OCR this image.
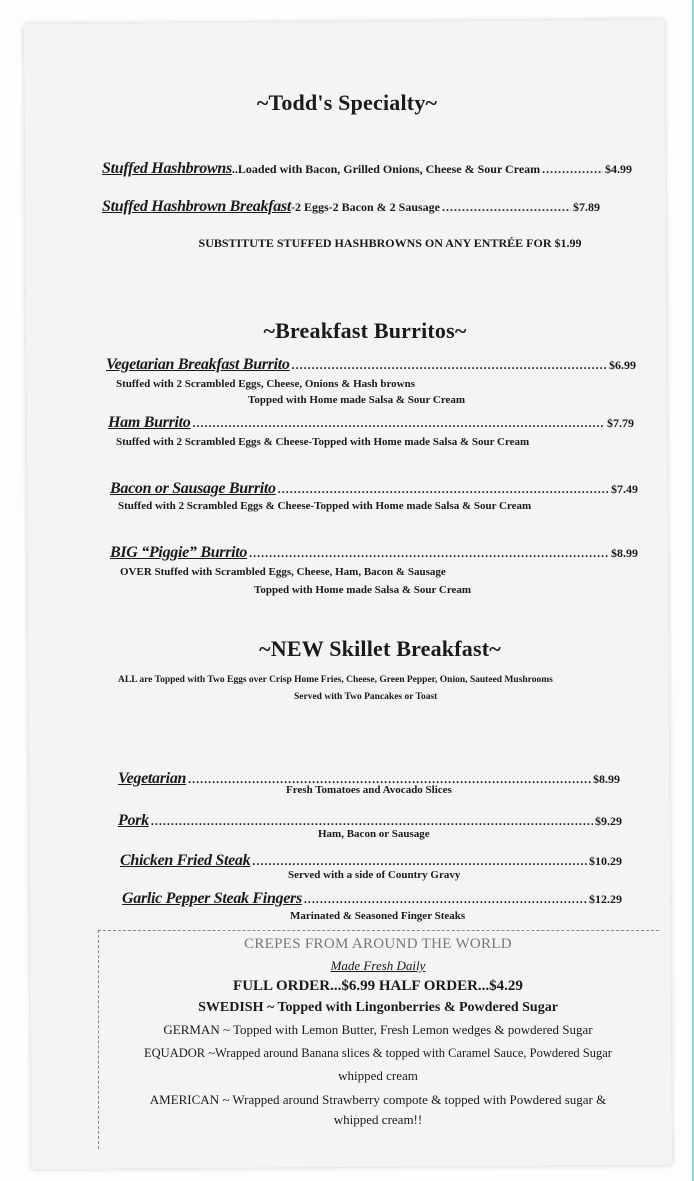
~Todd's Specialty~
Stuffed Hashbrowns ..Loaded with Bacon, Grilled Onions, Cheese & Sour Cream .....	$4.99
Stuffed Hashbrown Breakfast -2 Eggs-2 Bacon & 2 Sausage .....	$7.89
SUBSTITUTE STUFFED HASHBROWNS ON ANY ENTRÉE FOR $1.99
~Breakfast Burritos~
Vegetarian Breakfast Burrito .....	$6.99
Stuffed with 2 Scrambled Eggs, Cheese, Onions & Hash browns
Topped with Home made Salsa & Sour Cream
Ham Burrito .....	$7.79
Stuffed with 2 Scrambled Eggs & Cheese-Topped with Home made Salsa & Sour Cream
Bacon or Sausage Burrito .....	$7.49
Stuffed with 2 Scrambled Eggs & Cheese-Topped with Home made Salsa & Sour Cream
BIG “Piggie” Burrito .....	$8.99
OVER Stuffed with Scrambled Eggs, Cheese, Ham, Bacon & Sausage
Topped with Home made Salsa & Sour Cream
~NEW Skillet Breakfast~
ALL are Topped with Two Eggs over Crisp Home Fries, Cheese, Green Pepper, Onion, Sauteed Mushrooms
Served with Two Pancakes or Toast
Vegetarian .....	$8.99
Fresh Tomatoes and Avocado Slices
Pork .....	$9.29
Ham, Bacon or Sausage
Chicken Fried Steak .....	$10.29
Served with a side of Country Gravy
Garlic Pepper Steak Fingers .....	$12.29
Marinated & Seasoned Finger Steaks
CREPES FROM AROUND THE WORLD
Made Fresh Daily
FULL ORDER...$6.99 HALF ORDER...$4.29
SWEDISH ~ Topped with Lingonberries & Powdered Sugar
GERMAN ~ Topped with Lemon Butter, Fresh Lemon wedges & powdered Sugar
EQUADOR ~Wrapped around Banana slices & topped with Caramel Sauce, Powdered Sugar
whipped cream
AMERICAN ~ Wrapped around Strawberry compote & topped with Powdered sugar &
whipped cream!!
